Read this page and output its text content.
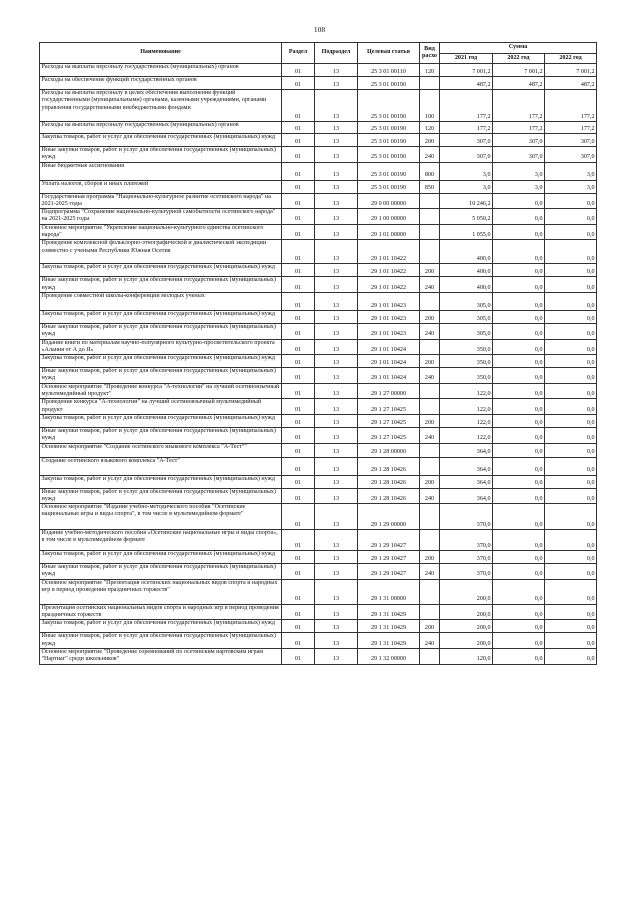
108
Наименование	Раздел	Подраздел	Целевая статья	Вид расхо	Сумма		
					2021 год	2022 год	2022 год
Расходы на выплаты персоналу государственных (муниципальных) органов	01	13	25 3 01 00110	120	7 001,2	7 001,2	7 001,2
Расходы на обеспечение функций государственных органов	01	13	25 3 01 00190		487,2	487,2	487,2
Расходы на выплаты персоналу в целях обеспечения выполнения функций государственными (муниципальными) органами, казенными учреждениями, органами управления государственными внебюджетными фондами	01	13	25 3 01 00190	100	177,2	177,2	177,2
Расходы на выплаты персоналу государственных (муниципальных) органов	01	13	25 3 01 00190	120	177,2	177,2	177,2
Закупка товаров, работ и услуг для обеспечения государственных (муниципальных) нужд	01	13	25 3 01 00190	200	307,0	307,0	307,0
Иные закупки товаров, работ и услуг для обеспечения государственных (муниципальных) нужд	01	13	25 3 01 00190	240	307,0	307,0	307,0
Иные бюджетные ассигнования	01	13	25 3 01 00190	800	3,0	3,0	3,0
Уплата налогов, сборов и иных платежей	01	13	25 3 01 00190	850	3,0	3,0	3,0
Государственная программа "Национально-культурное развитие осетинского народа" на 2021-2025 годы	01	13	29 0 00 00000		10 246,2	0,0	0,0
Подпрограмма "Сохранение национально-культурной самобытности осетинского народа" на 2021-2025 годы	01	13	29 1 00 00000		5 050,2	0,0	0,0
Основное мероприятие "Укрепление национально-культурного единства осетинского народа"	01	13	29 1 01 00000		1 055,0	0,0	0,0
Проведение комплексной фольклорно-этнографической и диалектической экспедиции совместно с учеными Республики Южная Осетия	01	13	29 1 01 10422		400,0	0,0	0,0
Закупка товаров, работ и услуг для обеспечения государственных (муниципальных) нужд	01	13	29 1 01 10422	200	400,0	0,0	0,0
Иные закупки товаров, работ и услуг для обеспечения государственных (муниципальных) нужд	01	13	29 1 01 10422	240	400,0	0,0	0,0
Проведение совместной школы-конференции молодых ученых	01	13	29 1 01 10423		305,0	0,0	0,0
Закупка товаров, работ и услуг для обеспечения государственных (муниципальных) нужд	01	13	29 1 01 10423	200	305,0	0,0	0,0
Иные закупки товаров, работ и услуг для обеспечения государственных (муниципальных) нужд	01	13	29 1 01 10423	240	305,0	0,0	0,0
Издание книги по материалам научно-популярного культурно-просветительского проекта «Алания от А до Я»	01	13	29 1 01 10424		350,0	0,0	0,0
Закупка товаров, работ и услуг для обеспечения государственных (муниципальных) нужд	01	13	29 1 01 10424	200	350,0	0,0	0,0
Иные закупки товаров, работ и услуг для обеспечения государственных (муниципальных) нужд	01	13	29 1 01 10424	240	350,0	0,0	0,0
Основное мероприятие "Проведение конкурса "А-технологии" на лучший осетиноязычный мультимедийный продукт"	01	13	29 1 27 00000		122,0	0,0	0,0
Проведение конкурса "А-технологии" на лучший осетиноязычный мультимедийный продукт	01	13	29 1 27 10425		122,0	0,0	0,0
Закупка товаров, работ и услуг для обеспечения государственных (муниципальных) нужд	01	13	29 1 27 10425	200	122,0	0,0	0,0
Иные закупки товаров, работ и услуг для обеспечения государственных (муниципальных) нужд	01	13	29 1 27 10425	240	122,0	0,0	0,0
Основное мероприятие "Создание осетинского языкового комплекса "А-Тест""	01	13	29 1 28 00000		364,0	0,0	0,0
Создание осетинского языкового комплекса "А-Тест"	01	13	29 1 28 10426		364,0	0,0	0,0
Закупка товаров, работ и услуг для обеспечения государственных (муниципальных) нужд	01	13	29 1 28 10426	200	364,0	0,0	0,0
Иные закупки товаров, работ и услуг для обеспечения государственных (муниципальных) нужд	01	13	29 1 28 10426	240	364,0	0,0	0,0
Основное мероприятие "Издание учебно-методического пособия "Осетинские национальные игры и виды спорта", в том числе в мультимедийном формате"	01	13	29 1 29 00000		370,0	0,0	0,0
Издание учебно-методического пособия «Осетинские национальные игры и виды спорта», в том числе в мультимедийном формате	01	13	29 1 29 10427		370,0	0,0	0,0
Закупка товаров, работ и услуг для обеспечения государственных (муниципальных) нужд	01	13	29 1 29 10427	200	370,0	0,0	0,0
Иные закупки товаров, работ и услуг для обеспечения государственных (муниципальных) нужд	01	13	29 1 29 10427	240	370,0	0,0	0,0
Основное мероприятие "Презентация осетинских национальных видов спорта и народных игр в период проведения праздничных торжеств"	01	13	29 1 31 00000		200,0	0,0	0,0
Презентация осетинских национальных видов спорта и народных игр в период проведения праздничных торжеств	01	13	29 1 31 10429		200,0	0,0	0,0
Закупка товаров, работ и услуг для обеспечения государственных (муниципальных) нужд	01	13	29 1 31 10429	200	200,0	0,0	0,0
Иные закупки товаров, работ и услуг для обеспечения государственных (муниципальных) нужд	01	13	29 1 31 10429	240	200,0	0,0	0,0
Основное мероприятие "Проведение соревнований по осетинским нартовским играм "Нартиаг" среди школьников"	01	13	29 1 32 00000		120,0	0,0	0,0
